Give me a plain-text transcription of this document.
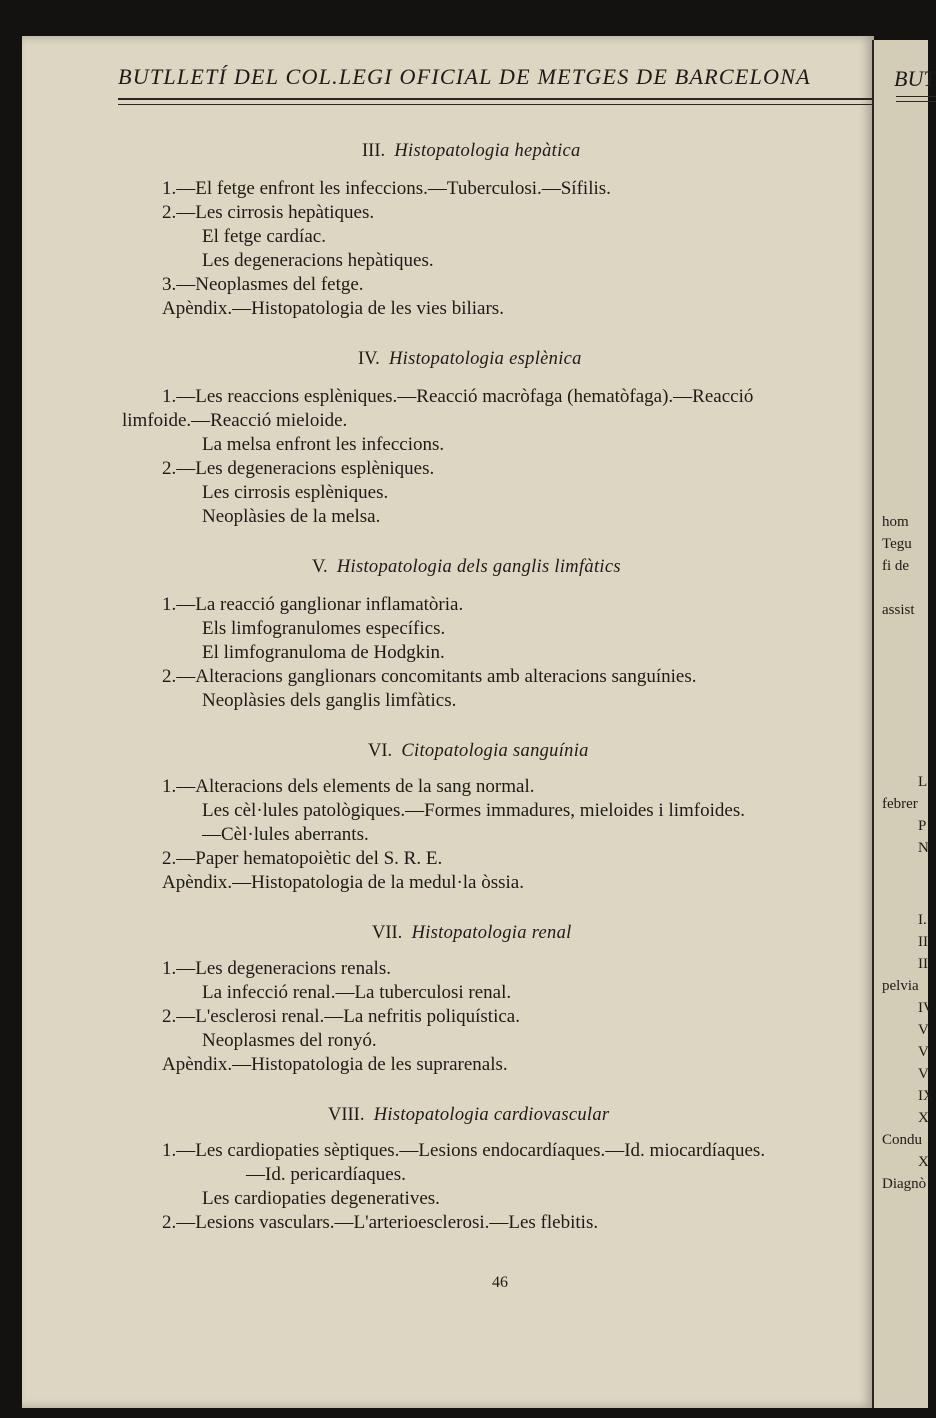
BUT
hom
Tegu
fi de
assist
L
febrer
P
N
I.
II
II
pelvia
IV
V
V
V
IX
X
Condu
X
Diagnò
BUTLLETÍ DEL COL.LEGI OFICIAL DE METGES DE BARCELONA
III. Histopatologia hepàtica
1.—El fetge enfront les infeccions.—Tuberculosi.—Sífilis.
2.—Les cirrosis hepàtiques.
El fetge cardíac.
Les degeneracions hepàtiques.
3.—Neoplasmes del fetge.
Apèndix.—Histopatologia de les vies biliars.
IV. Histopatologia esplènica
1.—Les reaccions esplèniques.—Reacció macròfaga (hematòfaga).—Reacció
limfoide.—Reacció mieloide.
La melsa enfront les infeccions.
2.—Les degeneracions esplèniques.
Les cirrosis esplèniques.
Neoplàsies de la melsa.
V. Histopatologia dels ganglis limfàtics
1.—La reacció ganglionar inflamatòria.
Els limfogranulomes específics.
El limfogranuloma de Hodgkin.
2.—Alteracions ganglionars concomitants amb alteracions sanguínies.
Neoplàsies dels ganglis limfàtics.
VI. Citopatologia sanguínia
1.—Alteracions dels elements de la sang normal.
Les cèl·lules patològiques.—Formes immadures, mieloides i limfoides.
—Cèl·lules aberrants.
2.—Paper hematopoiètic del S. R. E.
Apèndix.—Histopatologia de la medul·la òssia.
VII. Histopatologia renal
1.—Les degeneracions renals.
La infecció renal.—La tuberculosi renal.
2.—L'esclerosi renal.—La nefritis poliquística.
Neoplasmes del ronyó.
Apèndix.—Histopatologia de les suprarenals.
VIII. Histopatologia cardiovascular
1.—Les cardiopaties sèptiques.—Lesions endocardíaques.—Id. miocardíaques.
—Id. pericardíaques.
Les cardiopaties degeneratives.
2.—Lesions vasculars.—L'arterioesclerosi.—Les flebitis.
46
